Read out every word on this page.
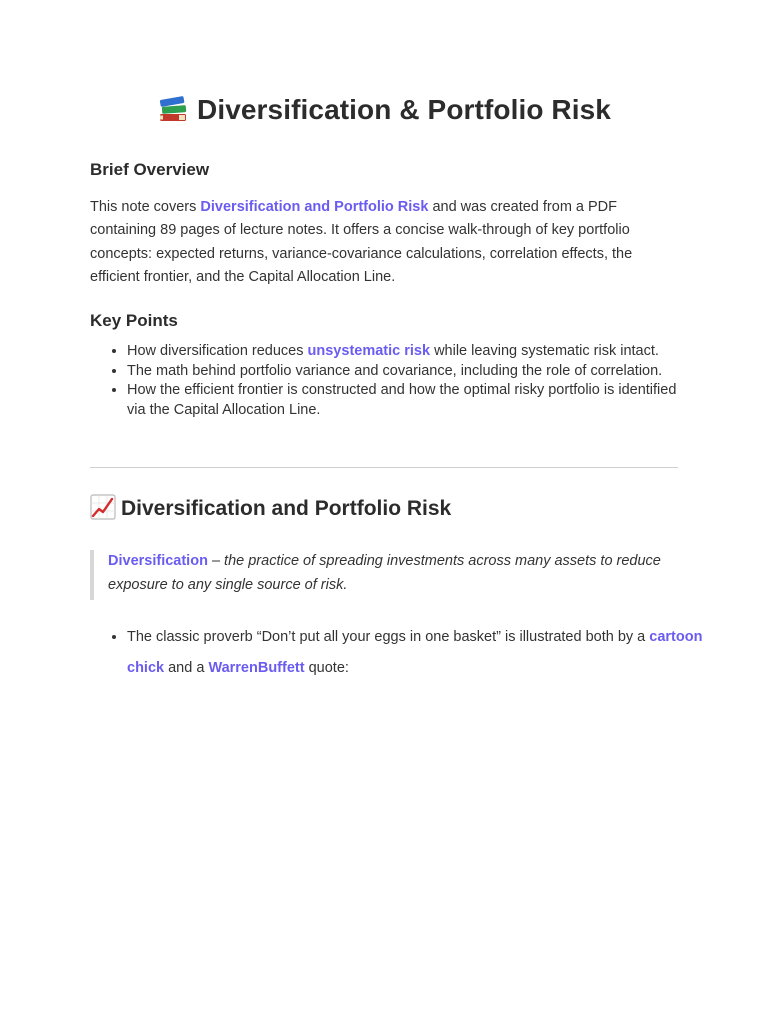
Diversification & Portfolio Risk
Brief Overview

This note covers Diversification and Portfolio Risk and was created from a PDF containing 89 pages of lecture notes. It offers a concise walk-through of key portfolio concepts: expected returns, variance-covariance calculations, correlation effects, the efficient frontier, and the Capital Allocation Line.

Key Points
• How diversification reduces unsystematic risk while leaving systematic risk intact.
• The math behind portfolio variance and covariance, including the role of correlation.
• How the efficient frontier is constructed and how the optimal risky portfolio is identified via the Capital Allocation Line.
Diversification and Portfolio Risk
Diversification – the practice of spreading investments across many assets to reduce exposure to any single source of risk.
• The classic proverb “Don’t put all your eggs in one basket” is illustrated both by a cartoon chick and a WarrenBuffett quote:
